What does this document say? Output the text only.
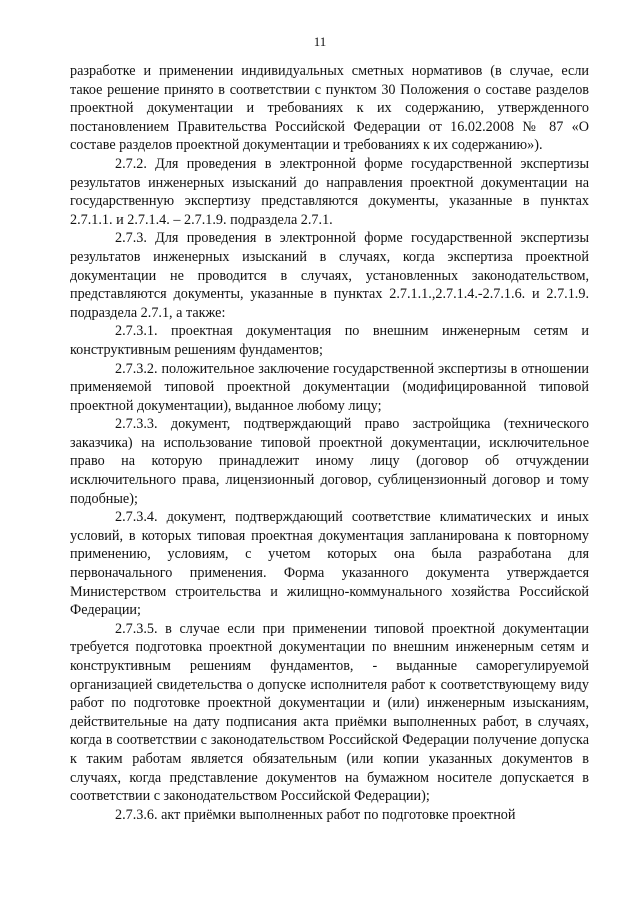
11

разработке и применении индивидуальных сметных нормативов (в случае, если такое решение принято в соответствии с пунктом 30 Положения о составе разделов проектной документации и требованиях к их содержанию, утвержденного постановлением Правительства Российской Федерации от 16.02.2008 № 87 «О составе разделов проектной документации и требованиях к их содержанию»).

2.7.2. Для проведения в электронной форме государственной экспертизы результатов инженерных изысканий до направления проектной документации на государственную экспертизу представляются документы, указанные в пунктах 2.7.1.1. и 2.7.1.4. – 2.7.1.9. подраздела 2.7.1.

2.7.3. Для проведения в электронной форме государственной экспертизы результатов инженерных изысканий в случаях, когда экспертиза проектной документации не проводится в случаях, установленных законодательством, представляются документы, указанные в пунктах 2.7.1.1.,2.7.1.4.-2.7.1.6. и 2.7.1.9. подраздела 2.7.1, а также:

2.7.3.1. проектная документация по внешним инженерным сетям и конструктивным решениям фундаментов;

2.7.3.2. положительное заключение государственной экспертизы в отношении применяемой типовой проектной документации (модифицированной типовой проектной документации), выданное любому лицу;

2.7.3.3. документ, подтверждающий право застройщика (технического заказчика) на использование типовой проектной документации, исключительное право на которую принадлежит иному лицу (договор об отчуждении исключительного права, лицензионный договор, сублицензионный договор и тому подобные);

2.7.3.4. документ, подтверждающий соответствие климатических и иных условий, в которых типовая проектная документация запланирована к повторному применению, условиям, с учетом которых она была разработана для первоначального применения. Форма указанного документа утверждается Министерством строительства и жилищно-коммунального хозяйства Российской Федерации;

2.7.3.5. в случае если при применении типовой проектной документации требуется подготовка проектной документации по внешним инженерным сетям и конструктивным решениям фундаментов, - выданные саморегулируемой организацией свидетельства о допуске исполнителя работ к соответствующему виду работ по подготовке проектной документации и (или) инженерным изысканиям, действительные на дату подписания акта приёмки выполненных работ, в случаях, когда в соответствии с законодательством Российской Федерации получение допуска к таким работам является обязательным (или копии указанных документов в случаях, когда представление документов на бумажном носителе допускается в соответствии с законодательством Российской Федерации);

2.7.3.6. акт приёмки выполненных работ по подготовке проектной
